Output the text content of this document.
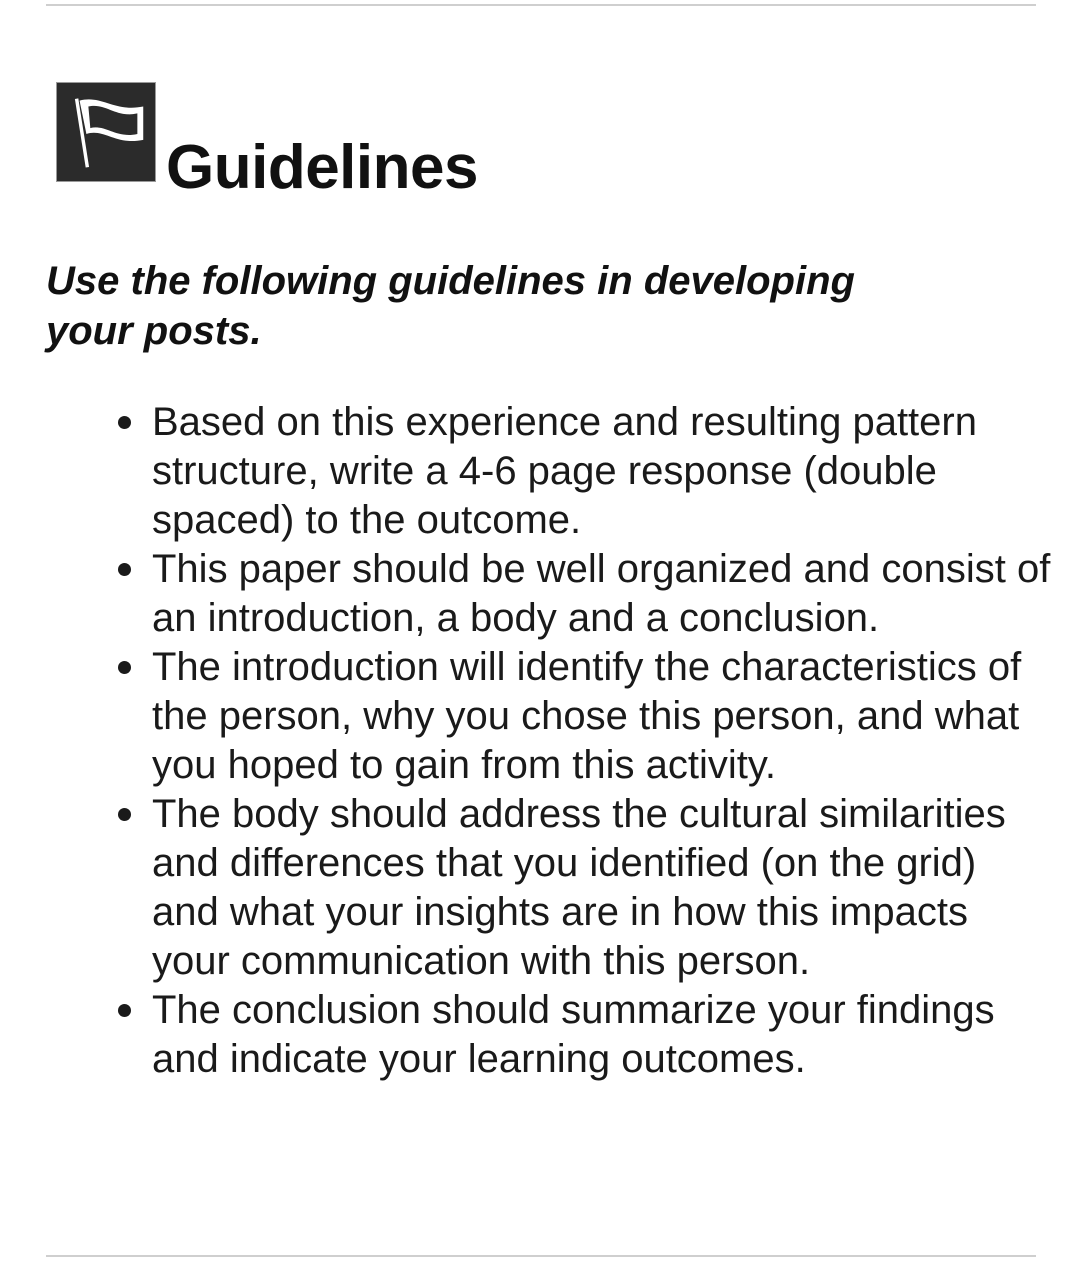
Guidelines

Use the following guidelines in developing your posts.

Based on this experience and resulting pattern structure, write a 4-6 page response (double spaced) to the outcome.
This paper should be well organized and consist of an introduction, a body and a conclusion.
The introduction will identify the characteristics of the person, why you chose this person, and what you hoped to gain from this activity.
The body should address the cultural similarities and differences that you identified (on the grid) and what your insights are in how this impacts your communication with this person.
The conclusion should summarize your findings and indicate your learning outcomes.
